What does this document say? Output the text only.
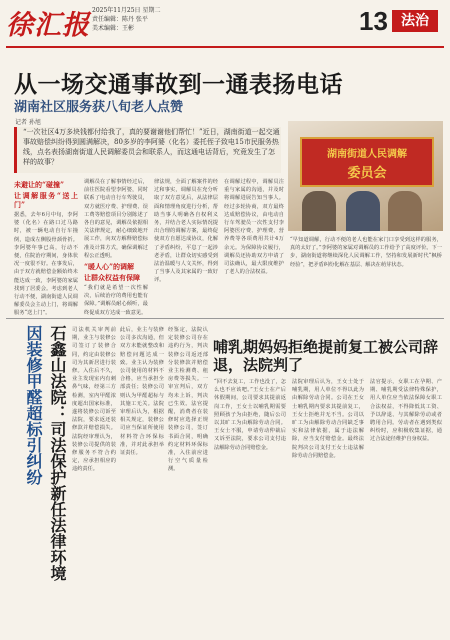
徐汇报 2025年11月25日 星期二
责任编辑：陈丹 张平
美术编辑：王彬	13 法治
从一场交通事故到一通表扬电话
湖南社区服务获八旬老人点赞
记者 孙旭
湖南街道人民调解
委员会
“一次社区4万多块钱都付给我了，真的要谢谢他们帮忙！”近日，湖南街道一起交通事故赔偿纠纷得到圆满解决，80多岁的李阿婆（化名）委托侄子致电15市民服务热线，点名表扬湖南街道人民调解委员会和联系人，而这通电话背后，究竟发生了怎样的故事？
未避让的“碰撞”
让调解服务“送上门”
据悉，去年6月中旬，李阿婆（化名）在路口过马路时，被一辆电动自行车撞倒，造成左侧股骨颈骨折。李阿婆年事已高，行动不便，住院治疗期间，身体状况一度很不好。在事发后，由于双方就赔偿金额始终未能达成一致，李阿婆的家属找到了居委会。考虑到老人行动不便，湖南街道人民调解委员会主动上门，将调解服务“送上门”。
调解员在了解事情经过后，前往医院看望李阿婆，同时联系了电动自行车驾驶员，双方就医疗费、护理费、误工费等赔偿项目分别陈述了各自的意见，调解员依据相关法律规定，耐心细致地开展工作，向双方解释赔偿标准及计算方式，确保调解过程公正透明。
“暖人心”的调解
让群众权益有保障
“我们就是希望一次性解决，后续治疗的费用也能有保障。”调解员耐心倾听，最终促成双方达成一致意见。
律法规，全面了解案件的经过和事实，调解员在充分听取了双方意见后，从法律层面和情理角度进行分析，帮助当事人明确各自权利义务，并结合老人实际情况提出合理的调解方案，最终促使双方自愿达成协议，化解了矛盾纠纷，平息了一起涉老矛盾，让群众切实感受到法治温暖与人文关怀，得到了当事人及其家属的一致好评。
在调解过程中，调解员注重与家属的沟通，并及时将调解进展告知当事人。经过多轮协商，双方最终达成赔偿协议，由电动自行车驾驶员一次性支付李阿婆医疗费、护理费、营养费等各项费用共计4万余元。为保障协议履行，调解员还协助双方申请了司法确认，最大限度维护了老人的合法权益。
“早知道调解，行动不便的老人也能在家门口享受到这样的服务，真的太好了。”李阿婆的家属对调解员的工作给予了高度评价。下一步，湖南街道将继续深化人民调解工作，坚持和发展新时代“枫桥经验”，把矛盾纠纷化解在基层、解决在萌芽状态。
石鑫山法院：司法保护新任法律环境
因装修甲醛超标引纠纷	司法机关审判前期，业主与装修公司签订了装修合同，约定由装修公司为其新居进行装修。入住后不久，业主发现室内有刺鼻气味，经第三方检测，室内甲醛浓度超出国家标准，遂将装修公司诉至法院，要求返还装修款并赔偿损失。法院经审理认为，装修公司提供的装修服务不符合约定，应承担相应的违约责任。
此后，业主与装修公司多次沟通，但双方未能就整改和赔偿问题达成一致。业主认为装修公司使用的材料不合格，应当承担全部责任；装修公司则认为甲醛超标与其施工无关。法院审理后认为，根据相关规定，装修公司应当保证所使用材料符合环保标准，并对此承担举证责任。
经鉴定，法院认定装修公司存在违约行为，判决装修公司返还部分装修款并赔偿业主检测费、租房费等损失。一审宣判后，双方均未上诉，判决已生效。法官提醒，消费者在装修时应选择正规装修公司，签订书面合同，明确约定材料环保标准，入住前应进行空气质量检测。
哺乳期妈妈拒绝提前复工被公司辞退，法院判了
“回不去复工，工作也没了，怎么也不应该吧。”王女士在产后休假期间，公司要求其提前返岗工作，王女士以哺乳期需要照顾孩子为由拒绝，随后公司以其旷工为由解除劳动合同。王女士不服，申请劳动仲裁后又诉至法院，要求公司支付违法解除劳动合同赔偿金。
法院审理后认为，王女士处于哺乳期，用人单位不得以此为由解除劳动合同。公司在王女士哺乳期内要求其提前复工，王女士拒绝并无不当。公司以旷工为由解除劳动合同缺乏事实和法律依据，属于违法解除，应当支付赔偿金。最终法院判决公司支付王女士违法解除劳动合同赔偿金。
法官提示，女职工在孕期、产期、哺乳期受法律特殊保护，用人单位应当依法保障女职工合法权益，不得降低其工资、予以辞退、与其解除劳动或者聘用合同。劳动者在遇到类似纠纷时，应积极收集证据，通过合法途径维护自身权益。
